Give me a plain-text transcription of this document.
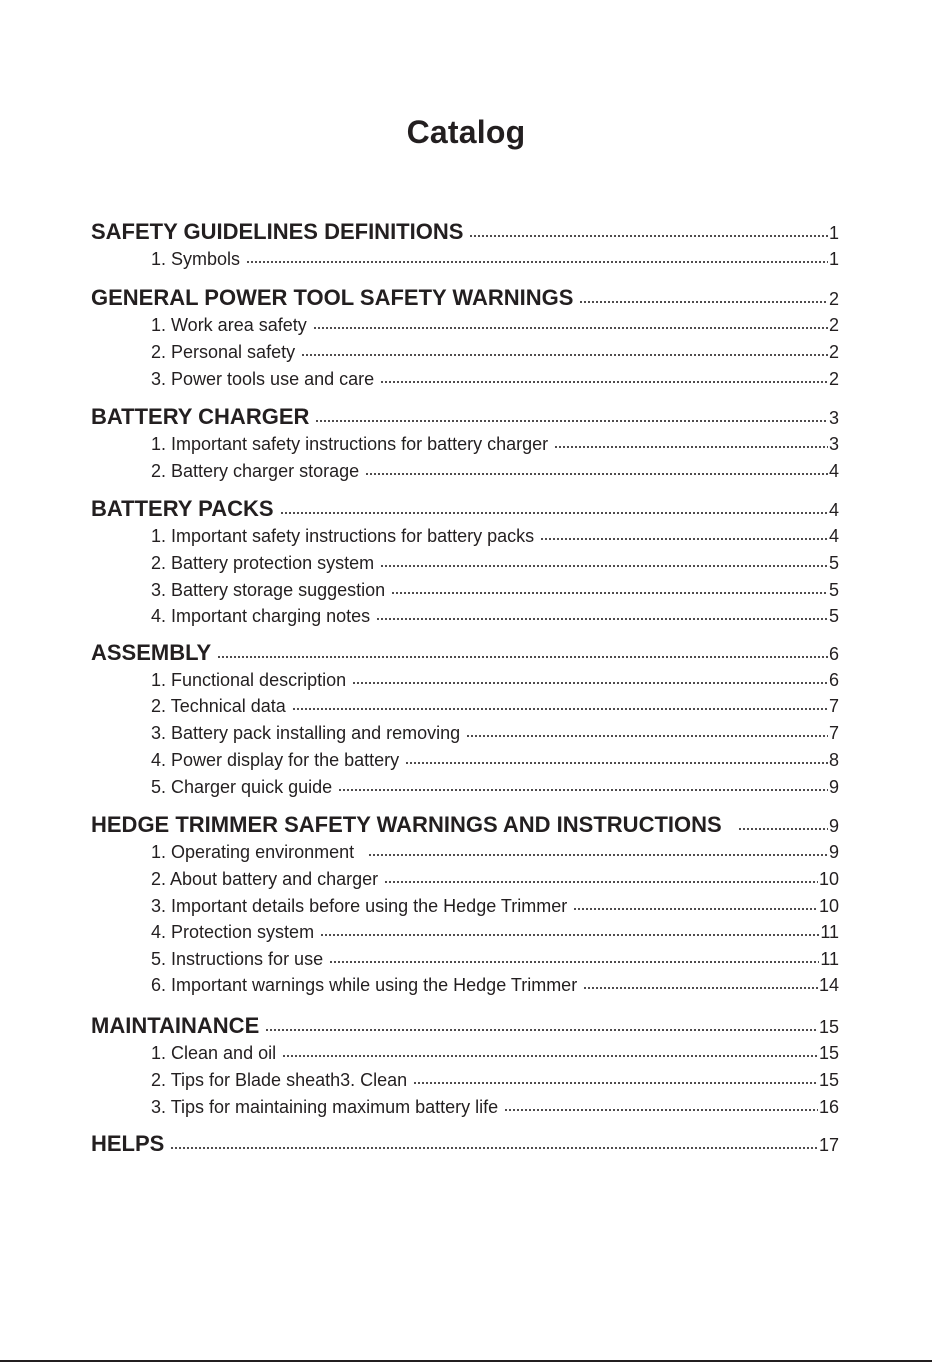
Catalog
SAFETY GUIDELINES DEFINITIONS	1
1. Symbols	1
GENERAL POWER TOOL SAFETY WARNINGS	2
1. Work area safety	2
2. Personal safety	2
3. Power tools use and care	2
BATTERY CHARGER	3
1. Important safety instructions for battery charger	3
2. Battery charger storage	4
BATTERY PACKS	4
1. Important safety instructions for battery packs	4
2. Battery protection system	5
3. Battery storage suggestion	5
4. Important charging notes	5
ASSEMBLY	6
1. Functional description	6
2. Technical data	7
3. Battery pack installing and removing	7
4. Power display for the battery	8
5. Charger quick guide	9
HEDGE TRIMMER SAFETY WARNINGS AND INSTRUCTIONS	9
1. Operating environment	9
2. About battery and charger	10
3. Important details before using the Hedge Trimmer	10
4. Protection system	11
5. Instructions for use	11
6. Important warnings while using the Hedge Trimmer	14
MAINTAINANCE	15
1. Clean and oil	15
2. Tips for Blade sheath3. Clean	15
3. Tips for maintaining maximum battery life	16
HELPS	17
